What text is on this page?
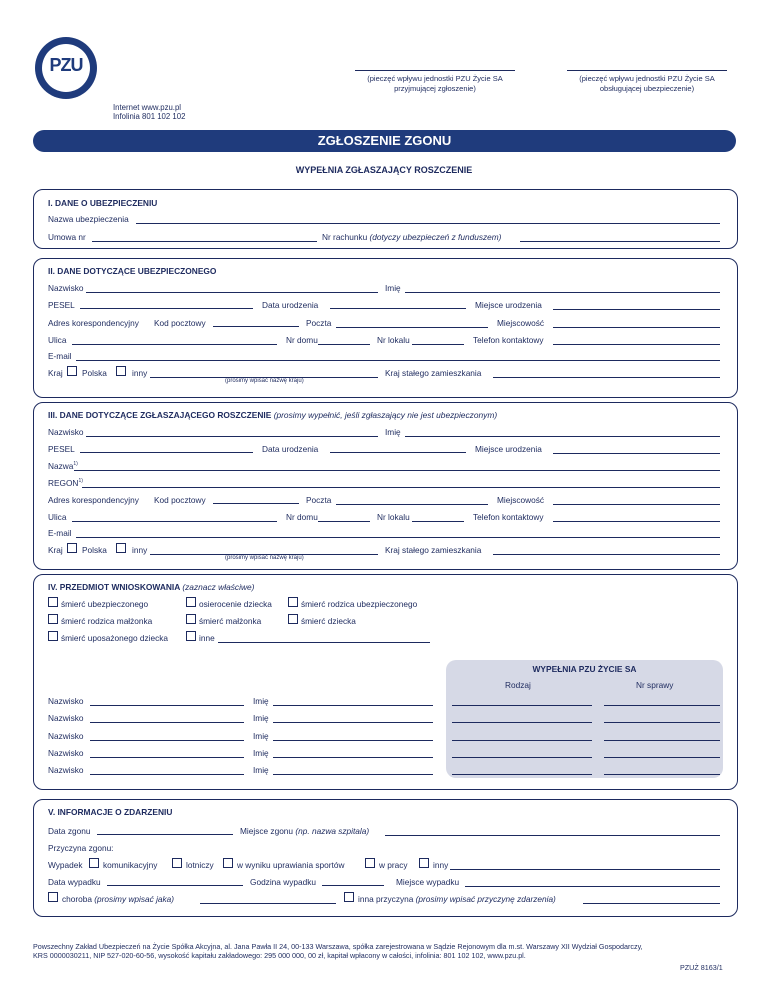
PZU
(pieczęć wpływu jednostki PZU Życie SA przyjmującej zgłoszenie)
(pieczęć wpływu jednostki PZU Życie SA obsługującej ubezpieczenie)
Internet www.pzu.pl
Infolinia 801 102 102
ZGŁOSZENIE ZGONU
WYPEŁNIA ZGŁASZAJĄCY ROSZCZENIE
I. DANE O UBEZPIECZENIU
Nazwa ubezpieczenia
Umowa nr	Nr rachunku (dotyczy ubezpieczeń z funduszem)
II. DANE DOTYCZĄCE UBEZPIECZONEGO
Nazwisko	Imię
PESEL	Data urodzenia	Miejsce urodzenia
Adres korespondencyjny Kod pocztowy	Poczta	Miejscowość
Ulica	Nr domu	Nr lokalu	Telefon kontaktowy
E-mail
Kraj Polska	inny
(prosimy wpisać nazwę kraju)
Kraj stałego zamieszkania
III. DANE DOTYCZĄCE ZGŁASZAJĄCEGO ROSZCZENIE (prosimy wypełnić, jeśli zgłaszający nie jest ubezpieczonym)
Nazwisko	Imię
PESEL	Data urodzenia	Miejsce urodzenia
Nazwa$^{1)}$
REGON$^{1)}$
Adres korespondencyjny Kod pocztowy	Poczta	Miejscowość
Ulica	Nr domu	Nr lokalu	Telefon kontaktowy
E-mail
Kraj Polska	inny
(prosimy wpisać nazwę kraju)
Kraj stałego zamieszkania
IV. PRZEDMIOT WNIOSKOWANIA (zaznacz właściwe)
śmierć ubezpieczonego	osierocenie dziecka	śmierć rodzica ubezpieczonego
śmierć rodzica małżonka	śmierć małżonka	śmierć dziecka
śmierć uposażonego dziecka	inne
WYPEŁNIA PZU ŻYCIE SA
Rodzaj	Nr sprawy
Nazwisko	Imię
Nazwisko	Imię
Nazwisko	Imię
Nazwisko	Imię
Nazwisko	Imię
V. INFORMACJE O ZDARZENIU
Data zgonu	Miejsce zgonu (np. nazwa szpitala)
Przyczyna zgonu:
Wypadek komunikacyjny	lotniczy	w wyniku uprawiania sportów	w pracy	inny
Data wypadku	Godzina wypadku	Miejsce wypadku
choroba (prosimy wpisać jaka)	inna przyczyna (prosimy wpisać przyczynę zdarzenia)
Powszechny Zakład Ubezpieczeń na Życie Spółka Akcyjna, al. Jana Pawła II 24, 00-133 Warszawa, spółka zarejestrowana w Sądzie Rejonowym dla m.st. Warszawy XII Wydział Gospodarczy,
KRS 0000030211, NIP 527-020-60-56, wysokość kapitału zakładowego: 295 000 000, 00 zł, kapitał wpłacony w całości, infolinia: 801 102 102, www.pzu.pl.
PZUŻ 8163/1
